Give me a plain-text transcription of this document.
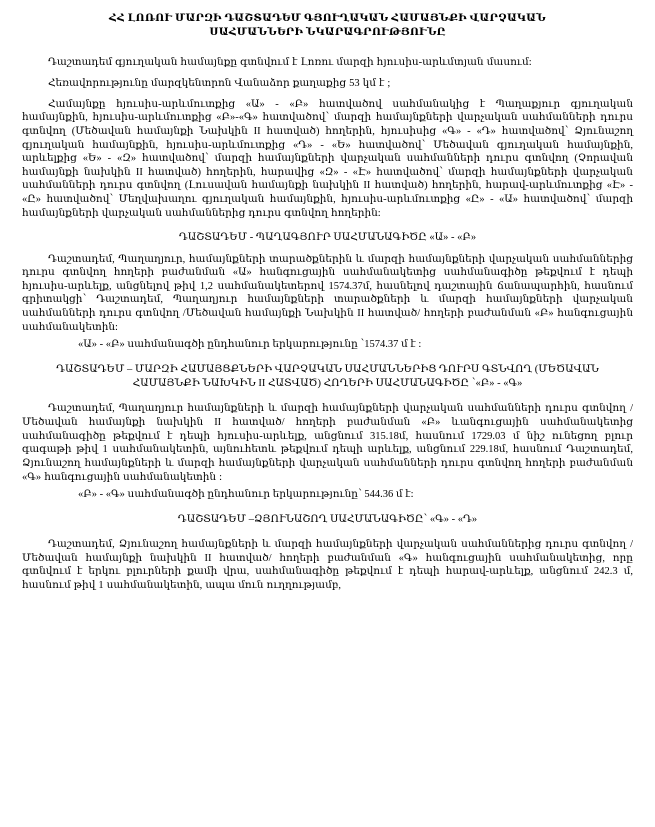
ՀՀ ԼՈՌՈՒ ՄԱՐԶԻ ԴԱՇՏԱԴԵՄ ԳՅՈՒՂԱԿԱՆ ՀԱՄԱՅՆՔԻ ՎԱՐՉԱԿԱՆ
ՍԱՀՄԱՆՆԵՐԻ ՆԿԱՐԱԳՐՈՒԹՅՈՒՆԸ

Դաշտադեմ գյուղական համայնքը գտնվում է Լոռու մարզի հյուսիս-արևմտյան մասում:

Հեռավորությունը մարզկենտրոն Վանաձոր քաղաքից 53 կմ է ;

Համայնքը հյուսիս-արևմուտքից «Ա» - «Բ» հատվածով սահմանակից է Պաղաքյուր գյուղական համայնքին, հյուսիս-արևմուտքից «Բ»-«Գ» հատվածով՝ մարզի համայնքների վարչական սահմանների դուրս գտնվող (Մեծավան համայնքի Նախկին II հատված) հողերին, հյուսիսից «Գ» - «Դ» հատվածով՝ Ձյունաշող գյուղական համայնքին, հյուսիս-արևմուտքից «Դ» - «Ե» հատվածով՝ Մեծավան գյուղական համայնքին, արևելքից «Ե» - «Զ» հատվածով՝ մարզի համայնքների վարչական սահմանների դուրս գտնվող (Չորավան համայնքի նախկին II հատված) հողերին, հարավից «Զ» - «Է» հատվածով՝ մարզի համայնքների վարչական սահմանների դուրս գտնվող (Լուսավան համայնքի նախկին II հատված) հողերին, հարավ-արևմուտքից «Է» - «Ը» հատվածով՝ Մեղվախաղու գյուղական համայնքին, հյուսիս-արևմուտքից «Ը» - «Ա» հատվածով՝ մարզի համայնքների վարչական սահմաններից դուրս գտնվող հողերին:

ԴԱՇՏԱԴԵՄ - ՊԱՂԱԳՅՈՒՐ ՍԱՀՄԱՆԱԳԻԾԸ «Ա» - «Բ»

Դաշտադեմ, Պաղաղյուր, համայնքների տարածքներին և մարզի համայնքների վարչական սահմաններից դուրս գտնվող հողերի բաժանման «Ա» հանգուցային սահմանակետից սահմանագիծը թեքվում է դեպի հյուսիս-արևելք, անցնելով թիվ 1,2 սահմանակետերով 1574.37մ, հասնելով դաշտային ճանապարհին, հասնում գրիտակցի՝ Դաշտադեմ, Պաղաղյուր համայնքների տարածքների և մարզի համայնքների վարչական սահմանների դուրս գտնվող /Մեծավան համայնքի Նախկին II հատված/ հողերի բաժանման «Բ» հանգուցային սահմանակետին:

«Ա» - «Բ» սահմանագծի ընդհանուր երկարությունը ՝1574.37 մ է :

ԴԱՇՏԱԴԵՄ – ՄԱՐԶԻ ՀԱՄԱՅՑՔՆԵՐԻ ՎԱՐՉԱԿԱՆ ՍԱՀՄԱՆՆԵՐԻՑ ԴՈՒՐՍ ԳՏՆՎՈՂ (ՄԵԾԱՎԱՆ
ՀԱՄԱՅՆՔԻ ՆԱԽԿԻՆ II ՀԱՏՎԱԾ) ՀՈՂԵՐԻ ՍԱՀՄԱՆԱԳԻԾԸ ՝«Բ» - «Գ»

Դաշտադեմ, Պաղաղյուր համայնքների և մարզի համայնքների վարչական սահմանների դուրս գտնվող /Մեծավան համայնքի նախկին II հատված/ հողերի բաժանման «Բ» ևանգուցային սահմանակետից սահմանագիծը թեքվում է դեպի հյուսիս-արևելք, անցնում 315.18մ, հասնում 1729.03 մ նիշ ունեցող բլուր գագաթի թիվ 1 սահմանակետին, այնուհետև թեքվում դեպի արևելք, անցնում 229.18մ, հասնում Դաշտադեմ, Ձյունաշող համայնքների և մարզի համայնքների վարչական սահմանների դուրս գտնվող հողերի բաժանման «Գ» հանգուցային սահմանակետին :

«Բ» - «Գ» սահմանագծի ընդհանուր երկարությունը՝ 544.36 մ է:

ԴԱՇՏԱԴԵՄ –ՁՅՈՒՆԱՇՈՂ ՍԱՀՄԱՆԱԳԻԾԸ՝ «Գ» - «Դ»

Դաշտադեմ, Ձյունաշող համայնքների և մարզի համայնքների վարչական սահմաններից դուրս գտնվող /Մեծավան համայնքի նախկին II հատված/ հողերի բաժանման «Գ» հանգուցային սահմանակետից, որը գտնվում է երկու բլուրների քամի վրա, սահմանագիծը թեքվում է դեպի հարավ-արևելք, անցնում 242.3 մ, հասնում թիվ 1 սահմանակետին, ապա մուն ուղղությամբ,
